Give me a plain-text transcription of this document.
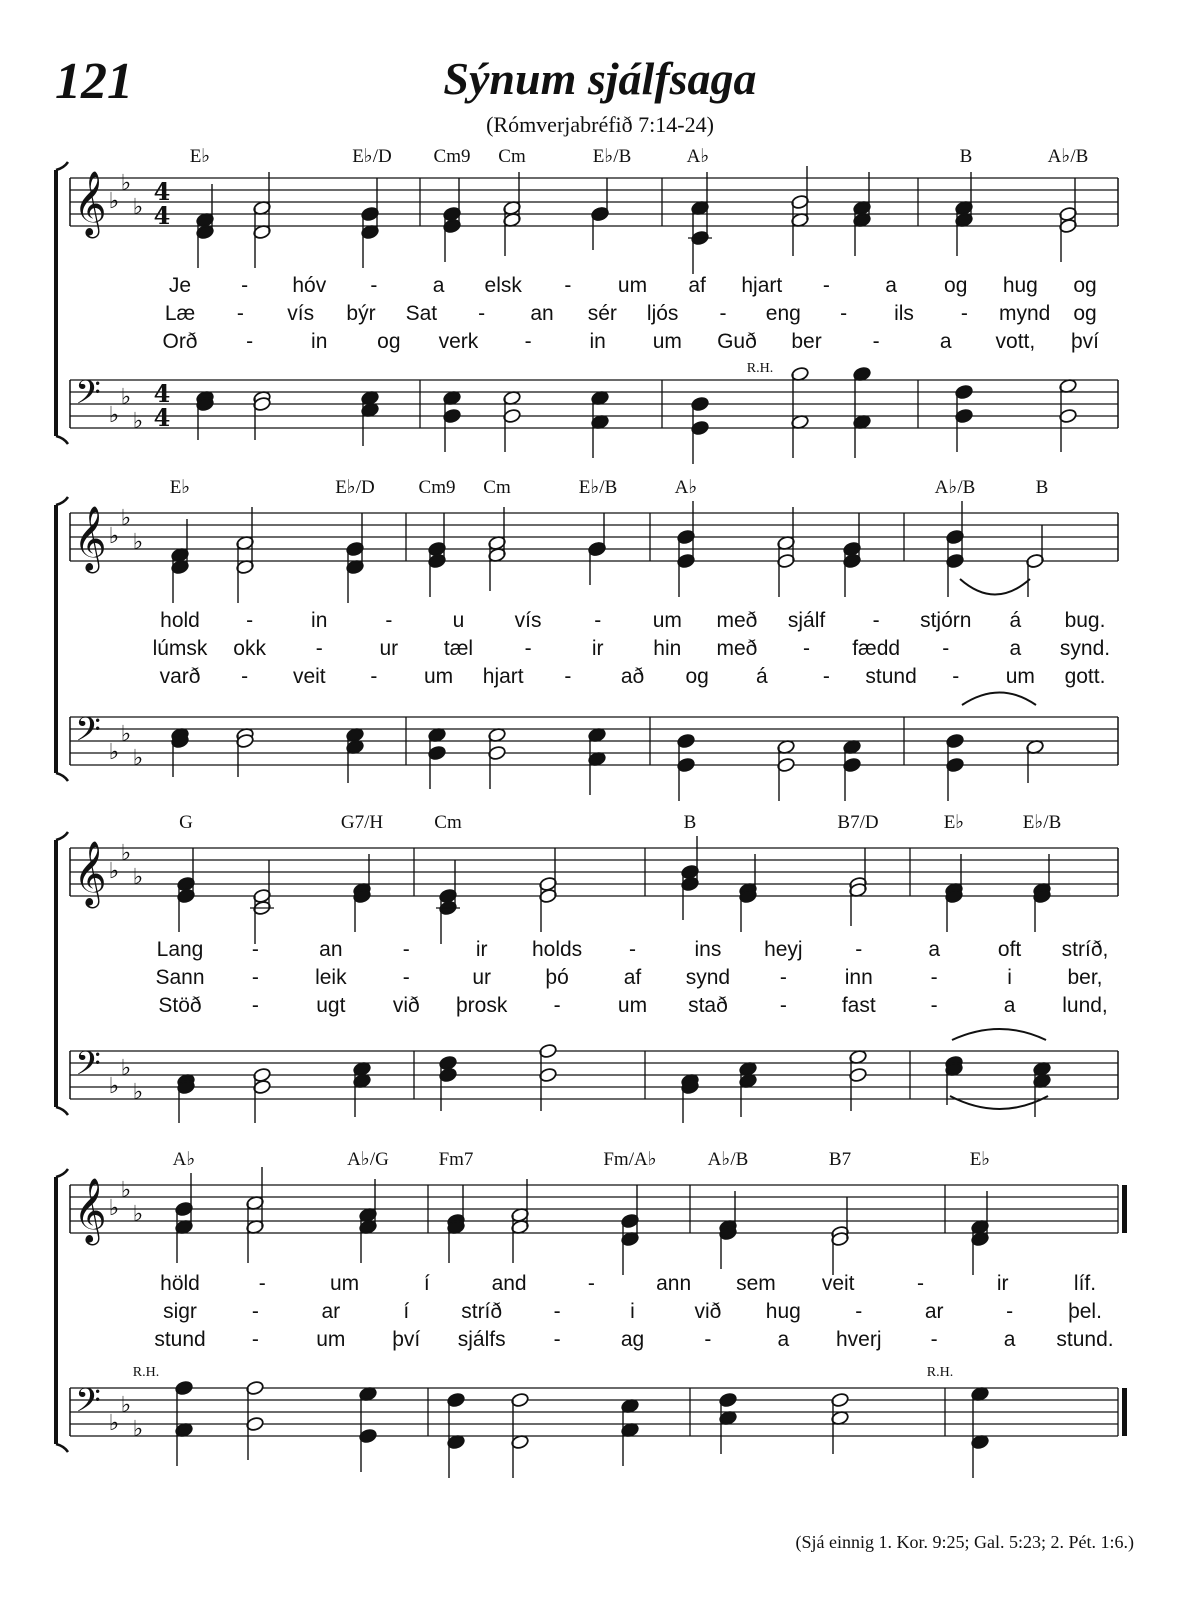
121	Sýnum sjálfsaga
(Rómverjabréfið 7:14-24)
𝄞
𝄢
♭
♭
♭
♭
♭
♭
4
4
4
4
E♭	E♭/D Cm9 Cm	E♭/B	A♭	B	A♭/B
Je - hóv -	a elsk - um af hjart -	a og hug og
Læ - vís býr Sat - an sér ljós - eng - ils - mynd og
Orð -	in og verk -	in um Guð ber -	a vott, því
𝄞
𝄢
♭
♭
♭
♭
♭
♭
E♭	E♭/D Cm9 Cm	E♭/B	A♭	A♭/B	B
hold -	in	-	u vís	- um með sjálf - stjórn á bug.
lúmsk okk -	ur tæl -	ir hin með - fædd -	a synd.
varð - veit - um hjart - að og á	- stund - um gott.
𝄞
𝄢
♭
♭
♭
♭
♭
♭
G	G7/H	Cm	B	B7/D	E♭	E♭/B
Lang -	an	-	ir holds -	ins heyj	-	a	oft stríð,
Sann -	leik	-	ur	þó	af synd -	inn	-	i	ber,
Stöð -	ugt við þrosk -	um stað -	fast	-	a lund,
𝄞
𝄢
♭
♭
♭
♭
♭
♭
A♭	A♭/G	Fm7	Fm/A♭	A♭/B	B7	E♭
höld	-	um	í	and	-	ann sem veit	-	ir	líf.
sigr	-	ar	í stríð -	i	við hug	-	ar	-	þel.
stund -	um því sjálfs -	ag	-	a hverj -	a stund.
R.H.
R.H.	R.H.
(Sjá einnig 1. Kor. 9:25; Gal. 5:23; 2. Pét. 1:6.)
